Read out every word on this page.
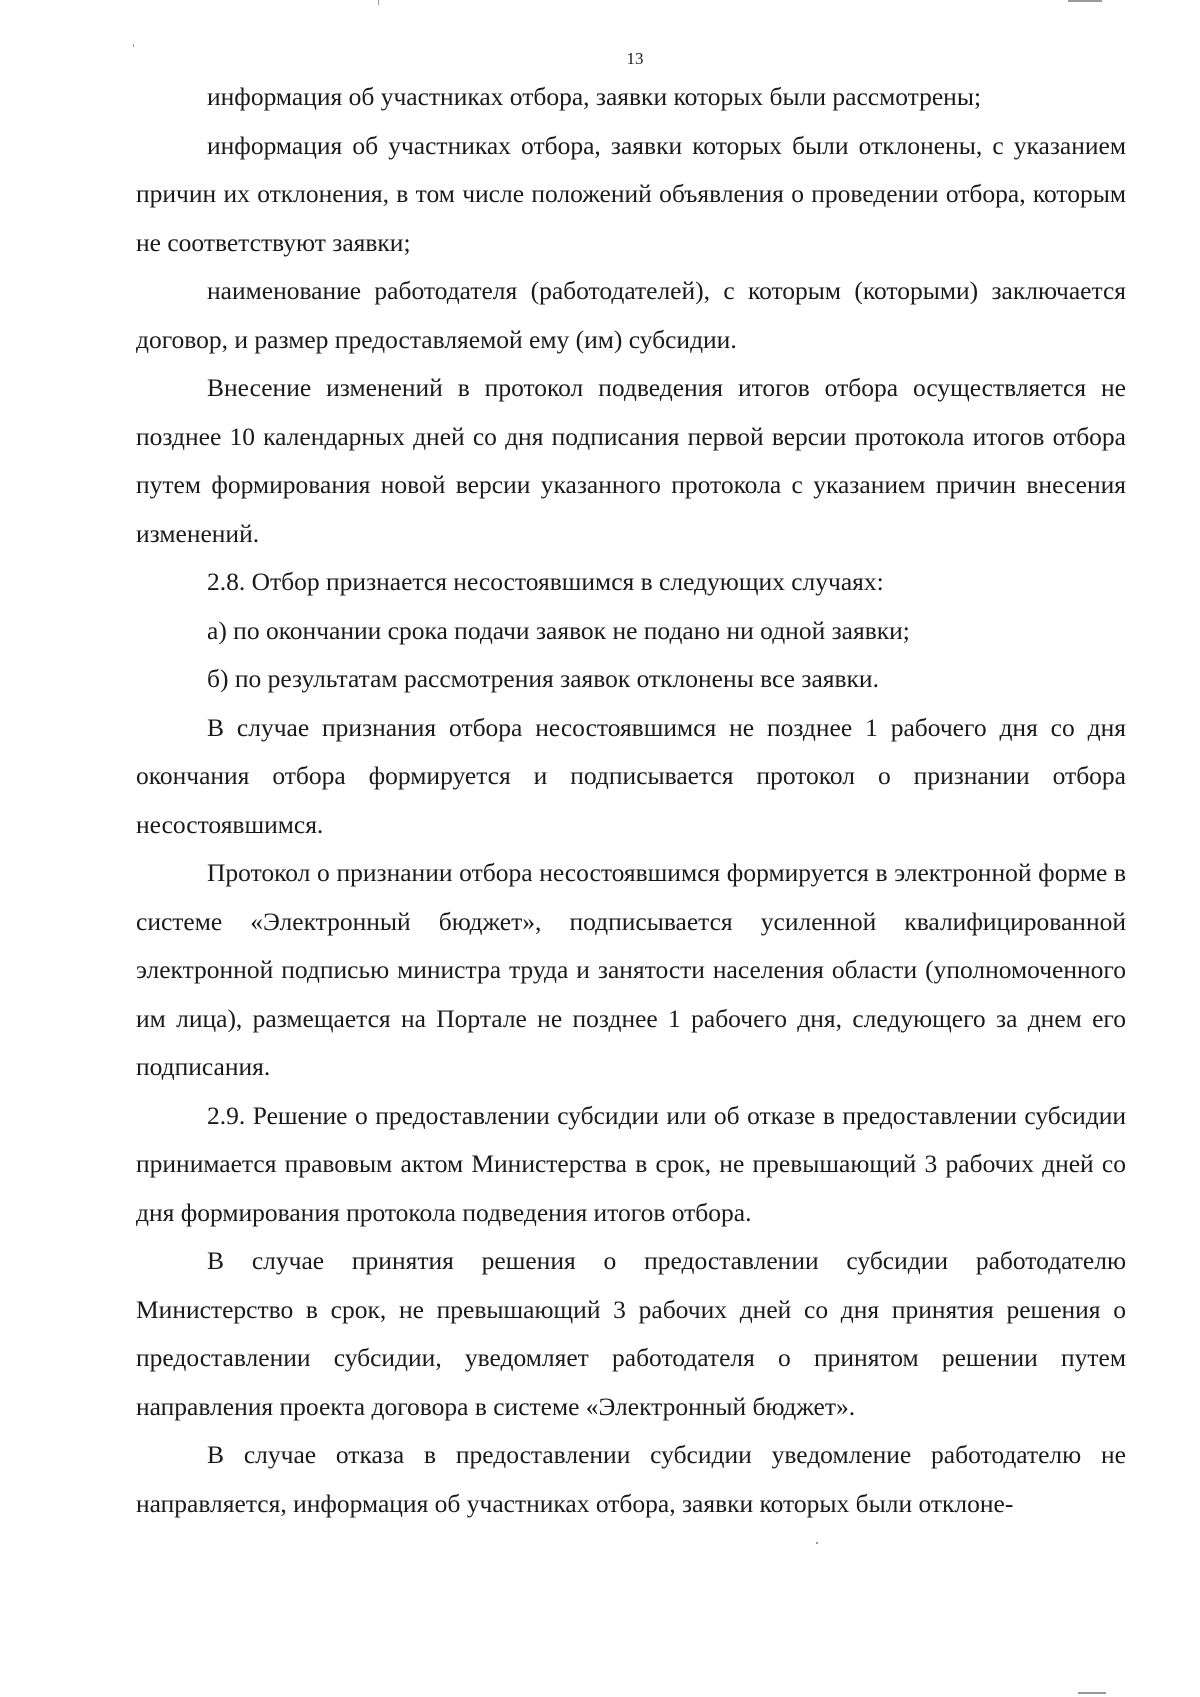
13

информация об участниках отбора, заявки которых были рассмотрены;

информация об участниках отбора, заявки которых были отклонены, с указанием причин их отклонения, в том числе положений объявления о проведении отбора, которым не соответствуют заявки;

наименование работодателя (работодателей), с которым (которыми) заключается договор, и размер предоставляемой ему (им) субсидии.

Внесение изменений в протокол подведения итогов отбора осуществляется не позднее 10 календарных дней со дня подписания первой версии протокола итогов отбора путем формирования новой версии указанного протокола с указанием причин внесения изменений.

2.8. Отбор признается несостоявшимся в следующих случаях:

а) по окончании срока подачи заявок не подано ни одной заявки;

б) по результатам рассмотрения заявок отклонены все заявки.

В случае признания отбора несостоявшимся не позднее 1 рабочего дня со дня окончания отбора формируется и подписывается протокол о признании отбора несостоявшимся.

Протокол о признании отбора несостоявшимся формируется в электронной форме в системе «Электронный бюджет», подписывается усиленной квалифицированной электронной подписью министра труда и занятости населения области (уполномоченного им лица), размещается на Портале не позднее 1 рабочего дня, следующего за днем его подписания.

2.9. Решение о предоставлении субсидии или об отказе в предоставлении субсидии принимается правовым актом Министерства в срок, не превышающий 3 рабочих дней со дня формирования протокола подведения итогов отбора.

В случае принятия решения о предоставлении субсидии работодателю Министерство в срок, не превышающий 3 рабочих дней со дня принятия решения о предоставлении субсидии, уведомляет работодателя о принятом решении путем направления проекта договора в системе «Электронный бюджет».

В случае отказа в предоставлении субсидии уведомление работодателю не направляется, информация об участниках отбора, заявки которых были отклоне-
